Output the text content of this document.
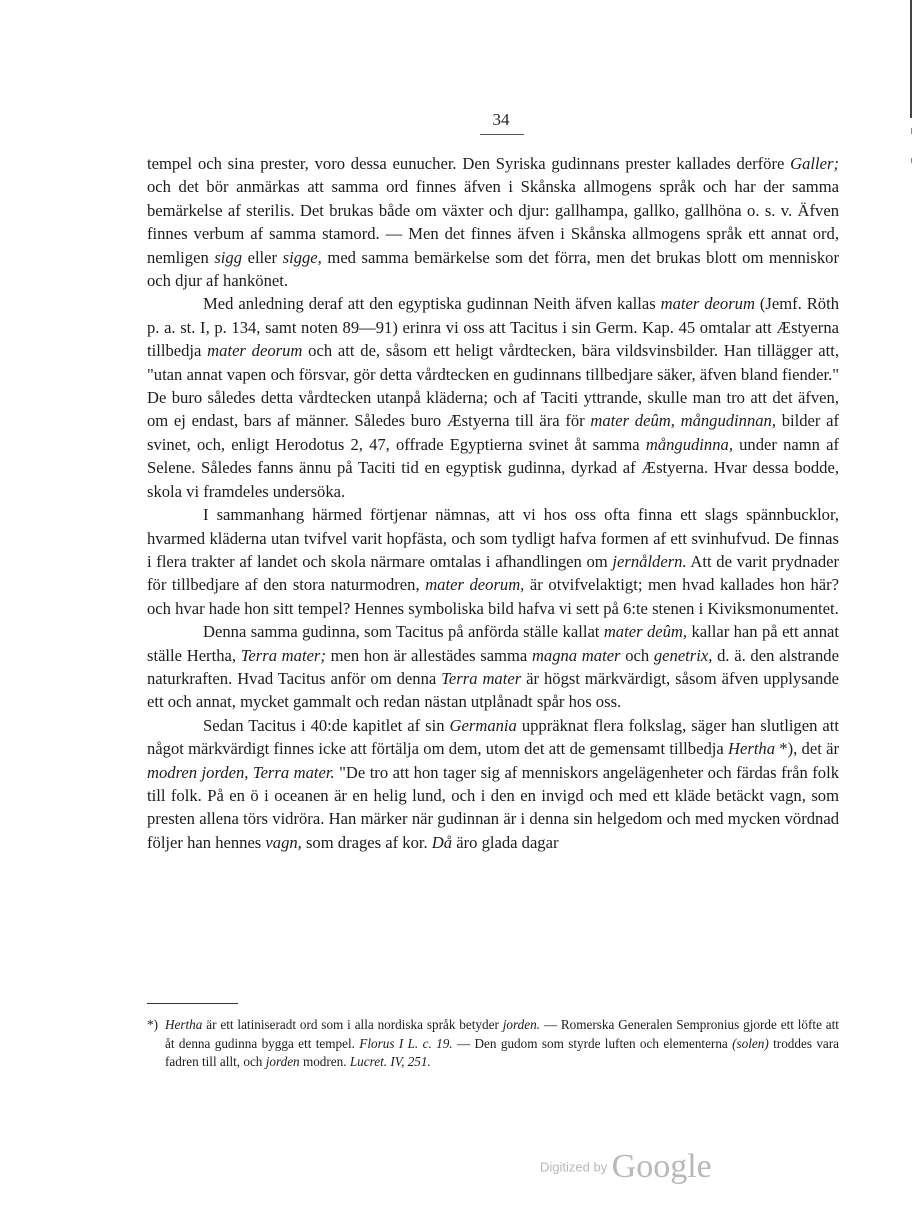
34

tempel och sina prester, voro dessa eunucher. Den Syriska gudinnans prester kallades derföre Galler; och det bör anmärkas att samma ord finnes äfven i Skånska allmogens språk och har der samma bemärkelse af sterilis. Det brukas både om växter och djur: gallhampa, gallko, gallhöna o. s. v. Äfven finnes verbum af samma stamord. — Men det finnes äfven i Skånska allmogens språk ett annat ord, nemligen sigg eller sigge, med samma bemärkelse som det förra, men det brukas blott om menniskor och djur af hankönet.

Med anledning deraf att den egyptiska gudinnan Neith äfven kallas mater deorum (Jemf. Röth p. a. st. I, p. 134, samt noten 89—91) erinra vi oss att Tacitus i sin Germ. Kap. 45 omtalar att Æstyerna tillbedja mater deorum och att de, såsom ett heligt vårdtecken, bära vildsvinsbilder. Han tillägger att, "utan annat vapen och försvar, gör detta vårdtecken en gudinnans tillbedjare säker, äfven bland fiender." De buro således detta vårdtecken utanpå kläderna; och af Taciti yttrande, skulle man tro att det äfven, om ej endast, bars af männer. Således buro Æstyerna till ära för mater deûm, mångudinnan, bilder af svinet, och, enligt Herodotus 2, 47, offrade Egyptierna svinet åt samma mångudinna, under namn af Selene. Således fanns ännu på Taciti tid en egyptisk gudinna, dyrkad af Æstyerna. Hvar dessa bodde, skola vi framdeles undersöka.

I sammanhang härmed förtjenar nämnas, att vi hos oss ofta finna ett slags spännbucklor, hvarmed kläderna utan tvifvel varit hopfästa, och som tydligt hafva formen af ett svinhufvud. De finnas i flera trakter af landet och skola närmare omtalas i afhandlingen om jernåldern. Att de varit prydnader för tillbedjare af den stora naturmodren, mater deorum, är otvifvelaktigt; men hvad kallades hon här? och hvar hade hon sitt tempel? Hennes symboliska bild hafva vi sett på 6:te stenen i Kiviksmonumentet.

Denna samma gudinna, som Tacitus på anförda ställe kallat mater deûm, kallar han på ett annat ställe Hertha, Terra mater; men hon är allestädes samma magna mater och genetrix, d. ä. den alstrande naturkraften. Hvad Tacitus anför om denna Terra mater är högst märkvärdigt, såsom äfven upplysande ett och annat, mycket gammalt och redan nästan utplånadt spår hos oss.

Sedan Tacitus i 40:de kapitlet af sin Germania uppräknat flera folkslag, säger han slutligen att något märkvärdigt finnes icke att förtälja om dem, utom det att de gemensamt tillbedja Hertha *), det är modren jorden, Terra mater. "De tro att hon tager sig af menniskors angelägenheter och färdas från folk till folk. På en ö i oceanen är en helig lund, och i den en invigd och med ett kläde betäckt vagn, som presten allena törs vidröra. Han märker när gudinnan är i denna sin helgedom och med mycken vördnad följer han hennes vagn, som drages af kor. Då äro glada dagar

*) Hertha är ett latiniseradt ord som i alla nordiska språk betyder jorden. — Romerska Generalen Sempronius gjorde ett löfte att åt denna gudinna bygga ett tempel. Florus I L. c. 19. — Den gudom som styrde luften och elementerna (solen) troddes vara fadren till allt, och jorden modren. Lucret. IV, 251.
Digitized by Google
